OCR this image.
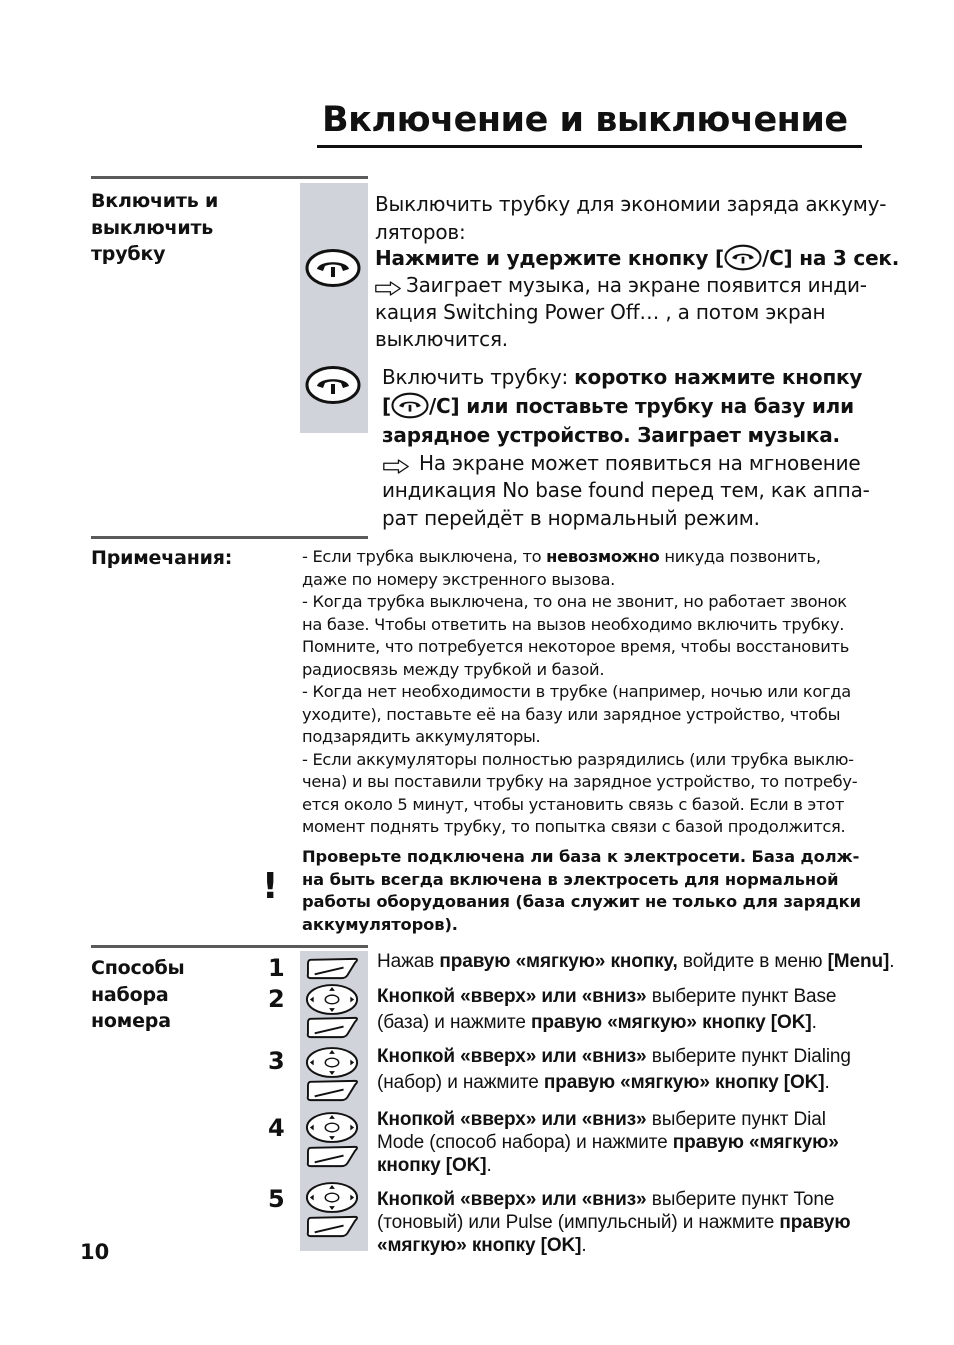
Включение и выключение
Включить и
выключить
трубку
Выключить трубку для экономии заряда аккуму-
ляторов:
Нажмите и удержите кнопку [ /C] на 3 сек.
Заиграет музыка, на экране появится инди-
кация Switching Power Off… , а потом экран
выключится.
Включить трубку: коротко нажмите кнопку
[ /C] или поставьте трубку на базу или
зарядное устройство. Заиграет музыка.
На экране может появиться на мгновение
индикация No base found перед тем, как аппа-
рат перейдёт в нормальный режим.
Примечания:	- Если трубка выключена, то невозможно никуда позвонить,
даже по номеру экстренного вызова.
- Когда трубка выключена, то она не звонит, но работает звонок
на базе. Чтобы ответить на вызов необходимо включить трубку.
Помните, что потребуется некоторое время, чтобы восстановить
радиосвязь между трубкой и базой.
- Когда нет необходимости в трубке (например, ночью или когда
уходите), поставьте её на базу или зарядное устройство, чтобы
подзарядить аккумуляторы.
- Если аккумуляторы полностью разрядились (или трубка выклю-
чена) и вы поставили трубку на зарядное устройство, то потребу-
ется около 5 минут, чтобы установить связь с базой. Если в этот
момент поднять трубку, то попытка связи с базой продолжится.
!
Проверьте подключена ли база к электросети. База долж-
на быть всегда включена в электросеть для нормальной
работы оборудования (база служит не только для зарядки
аккумуляторов).
Способы
набора
номера
1
2
3
4
5
Нажав правую «мягкую» кнопку, войдите в меню [Menu].
Кнопкой «вверх» или «вниз» выберите пункт Base
(база) и нажмите правую «мягкую» кнопку [OK].
Кнопкой «вверх» или «вниз» выберите пункт Dialing
(набор) и нажмите правую «мягкую» кнопку [OK].
Кнопкой «вверх» или «вниз» выберите пункт Dial
Mode (способ набора) и нажмите правую «мягкую»
кнопку [OK].
Кнопкой «вверх» или «вниз» выберите пункт Tone
(тоновый) или Pulse (импульсный) и нажмите правую
«мягкую» кнопку [OK].
10
